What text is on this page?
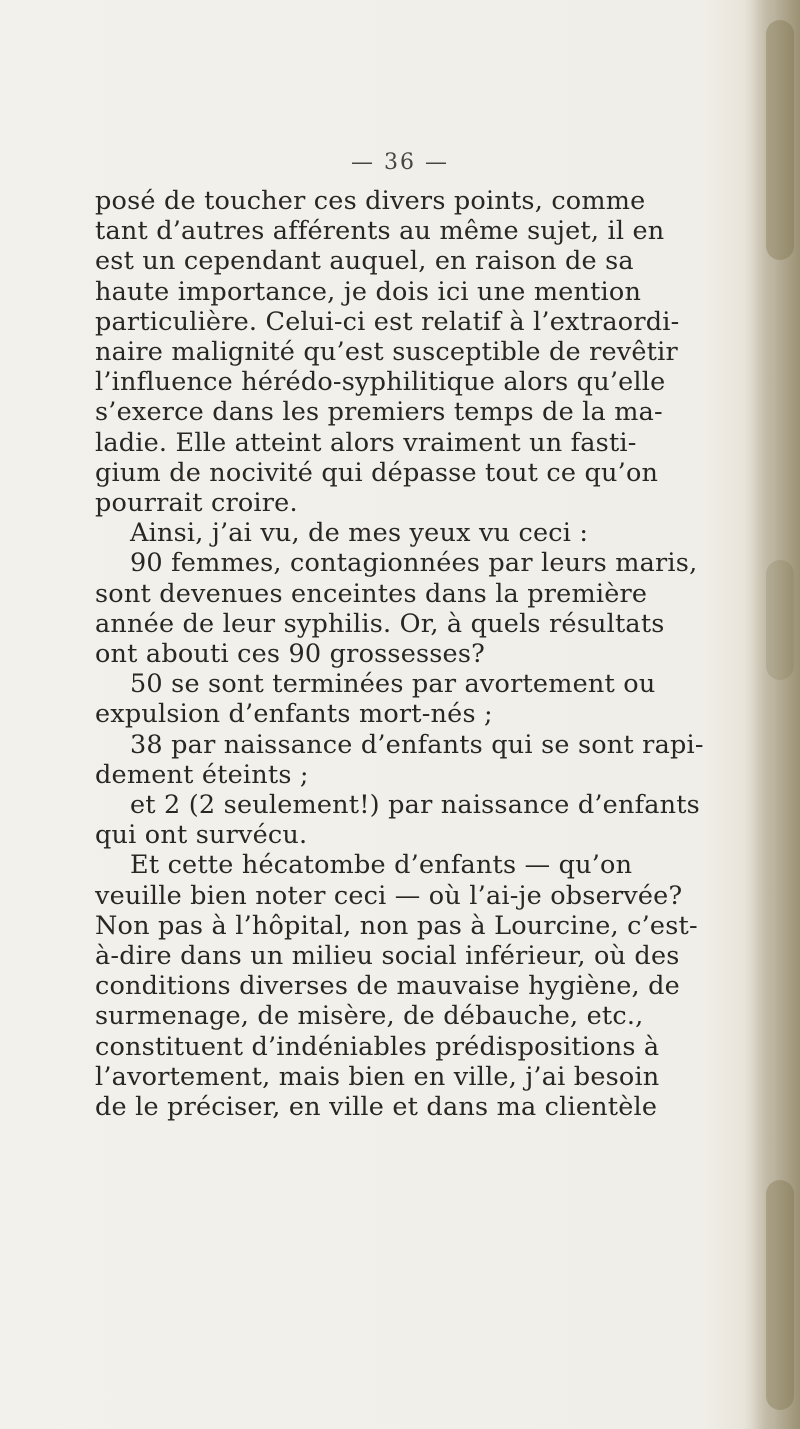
— 36 —
posé de toucher ces divers points, comme
tant d’autres afférents au même sujet, il en
est un cependant auquel, en raison de sa
haute importance, je dois ici une mention
particulière. Celui-ci est relatif à l’extraordi-
naire malignité qu’est susceptible de revêtir
l’influence hérédo-syphilitique alors qu’elle
s’exerce dans les premiers temps de la ma-
ladie. Elle atteint alors vraiment un fasti-
gium de nocivité qui dépasse tout ce qu’on
pourrait croire.
Ainsi, j’ai vu, de mes yeux vu ceci :
90 femmes, contagionnées par leurs maris,
sont devenues enceintes dans la première
année de leur syphilis. Or, à quels résultats
ont abouti ces 90 grossesses?
50 se sont terminées par avortement ou
expulsion d’enfants mort-nés ;
38 par naissance d’enfants qui se sont rapi-
dement éteints ;
et 2 (2 seulement!) par naissance d’enfants
qui ont survécu.
Et cette hécatombe d’enfants — qu’on
veuille bien noter ceci — où l’ai-je observée?
Non pas à l’hôpital, non pas à Lourcine, c’est-
à-dire dans un milieu social inférieur, où des
conditions diverses de mauvaise hygiène, de
surmenage, de misère, de débauche, etc.,
constituent d’indéniables prédispositions à
l’avortement, mais bien en ville, j’ai besoin
de le préciser, en ville et dans ma clientèle
